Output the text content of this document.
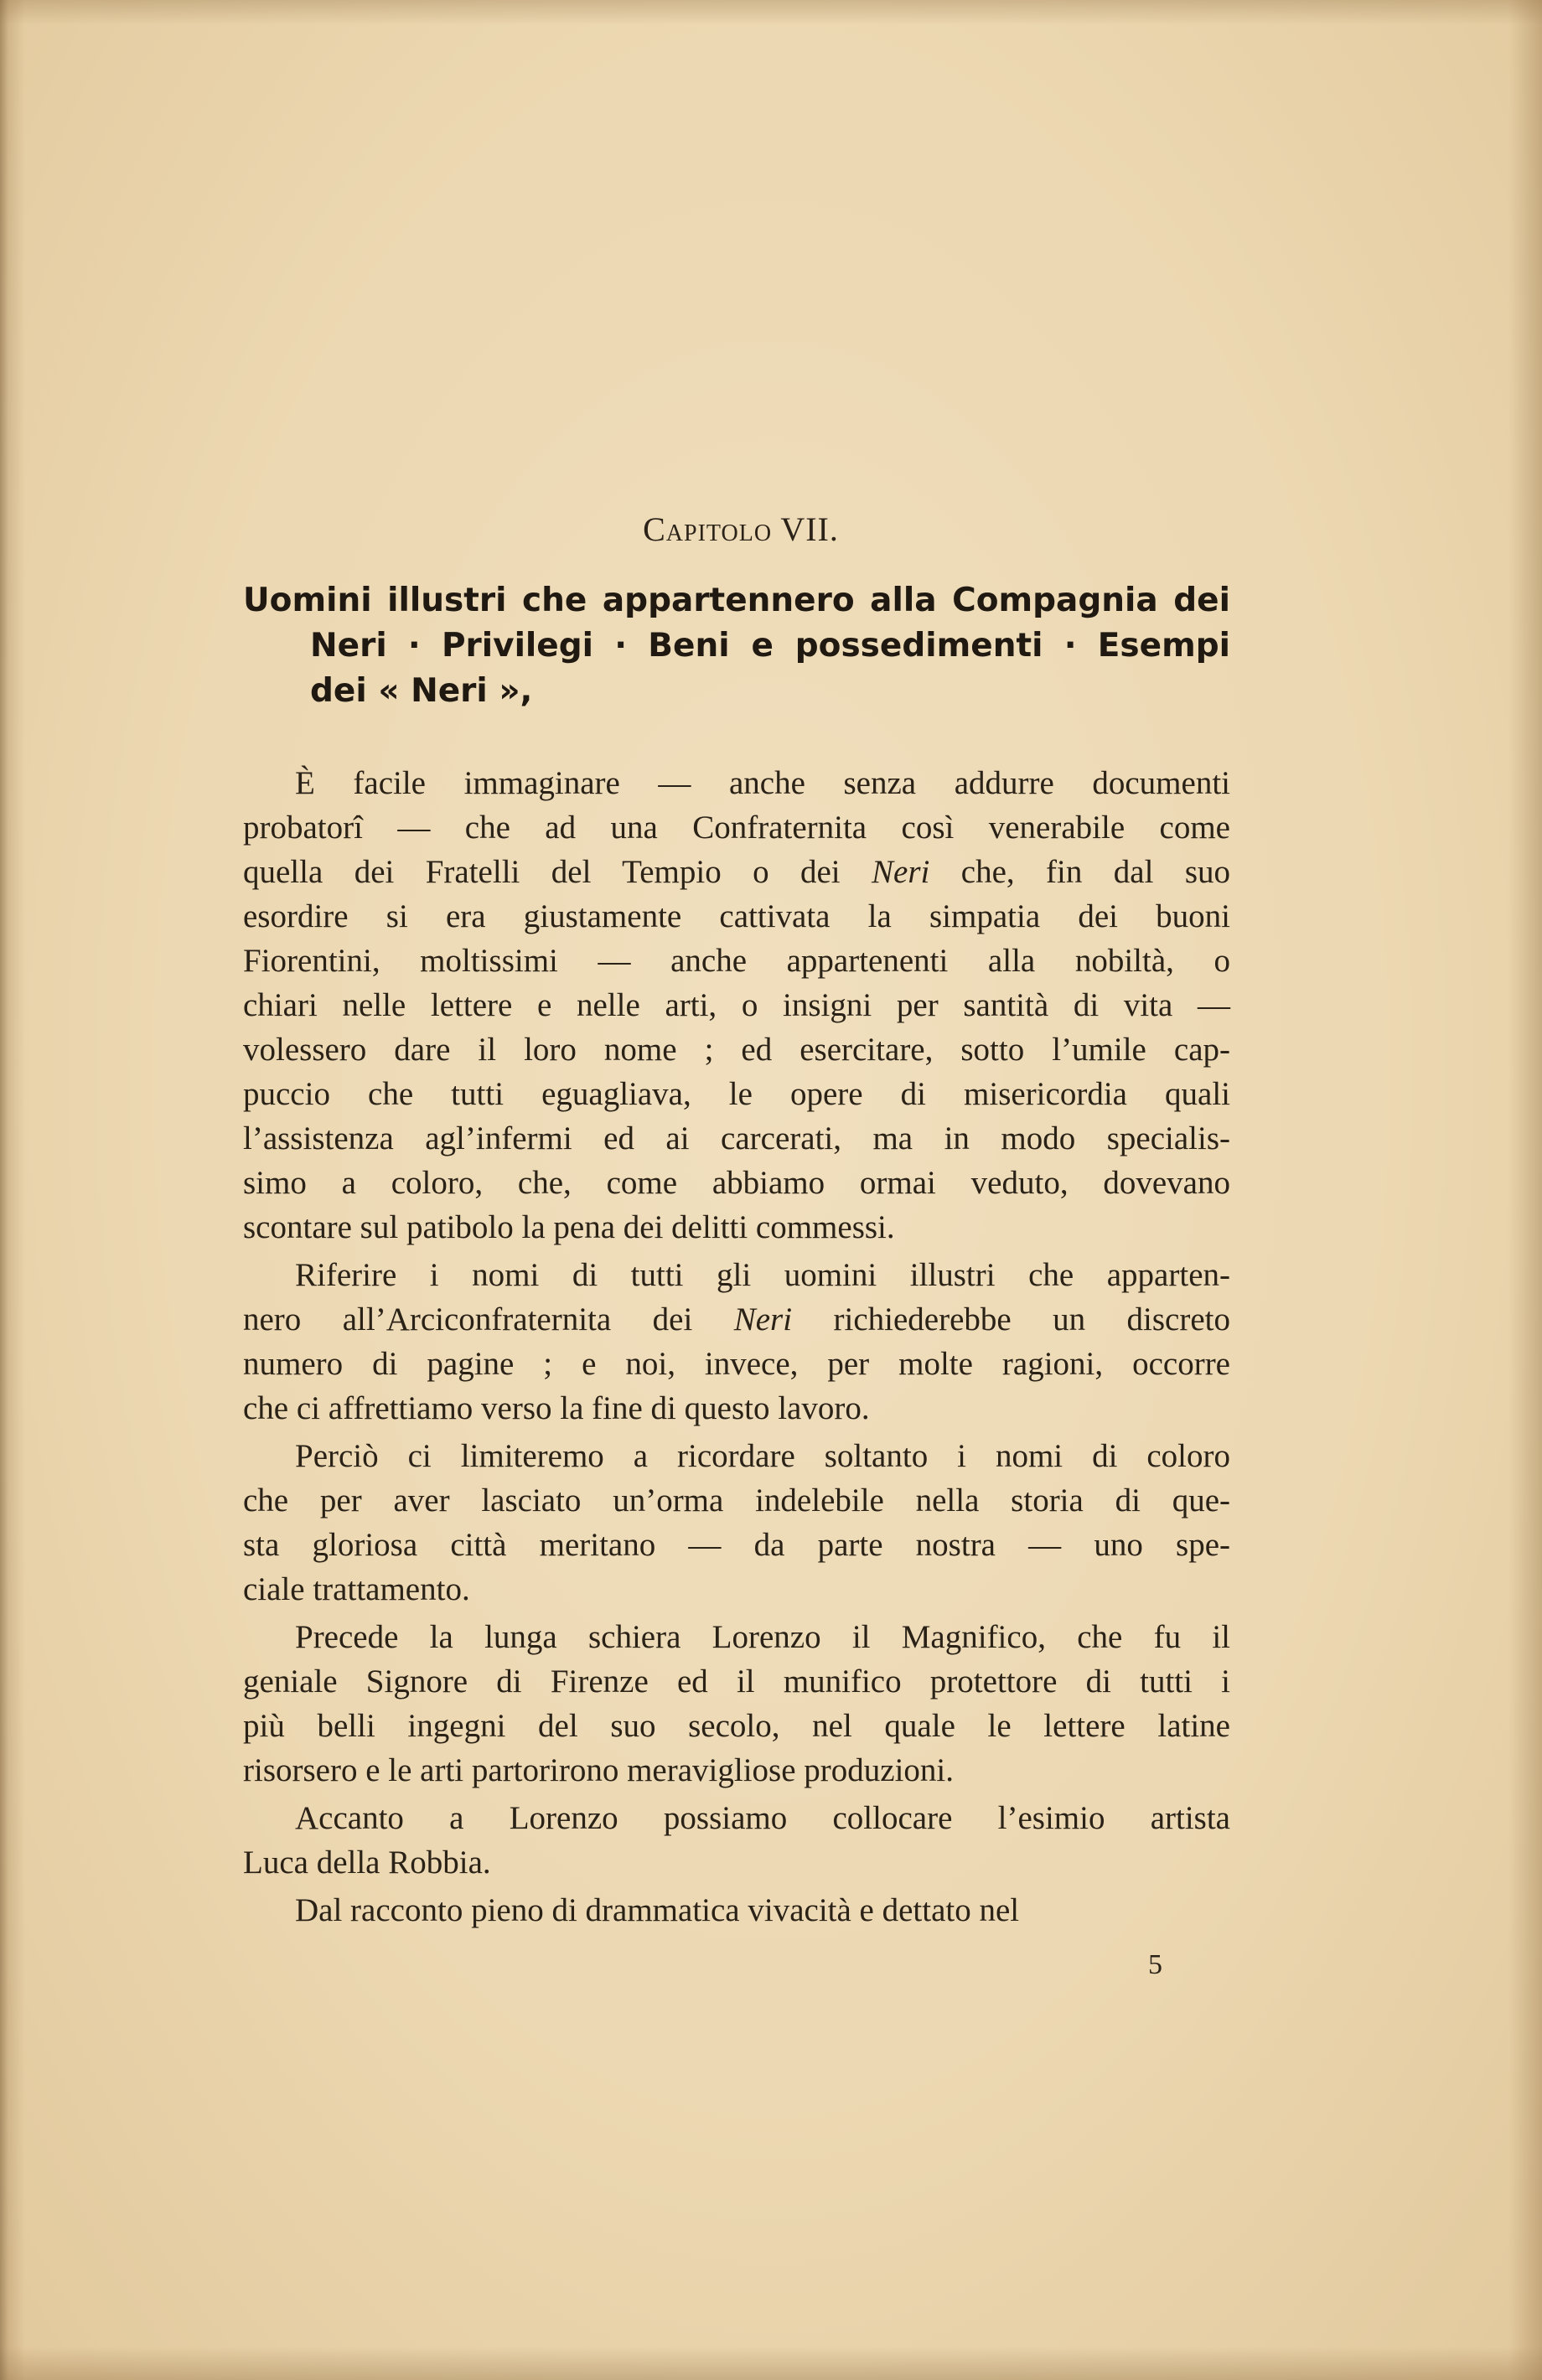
Capitolo VII.
Uomini illustri che appartennero alla Compagnia dei
Neri ‧ Privilegi ‧ Beni e possedimenti ‧ Esempi
dei « Neri »,
È facile immaginare — anche senza addurre documenti
probatorî — che ad una Confraternita così venerabile come
quella dei Fratelli del Tempio o dei Neri che, fin dal suo
esordire si era giustamente cattivata la simpatia dei buoni
Fiorentini, moltissimi — anche appartenenti alla nobiltà, o
chiari nelle lettere e nelle arti, o insigni per santità di vita —
volessero dare il loro nome ; ed esercitare, sotto l’umile cap-
puccio che tutti eguagliava, le opere di misericordia quali
l’assistenza agl’infermi ed ai carcerati, ma in modo specialis-
simo a coloro, che, come abbiamo ormai veduto, dovevano
scontare sul patibolo la pena dei delitti commessi.
Riferire i nomi di tutti gli uomini illustri che apparten-
nero all’Arciconfraternita dei Neri richiederebbe un discreto
numero di pagine ; e noi, invece, per molte ragioni, occorre
che ci affrettiamo verso la fine di questo lavoro.
Perciò ci limiteremo a ricordare soltanto i nomi di coloro
che per aver lasciato un’orma indelebile nella storia di que-
sta gloriosa città meritano — da parte nostra — uno spe-
ciale trattamento.
Precede la lunga schiera Lorenzo il Magnifico, che fu il
geniale Signore di Firenze ed il munifico protettore di tutti i
più belli ingegni del suo secolo, nel quale le lettere latine
risorsero e le arti partorirono meravigliose produzioni.
Accanto a Lorenzo possiamo collocare l’esimio artista
Luca della Robbia.
Dal racconto pieno di drammatica vivacità e dettato nel
5
